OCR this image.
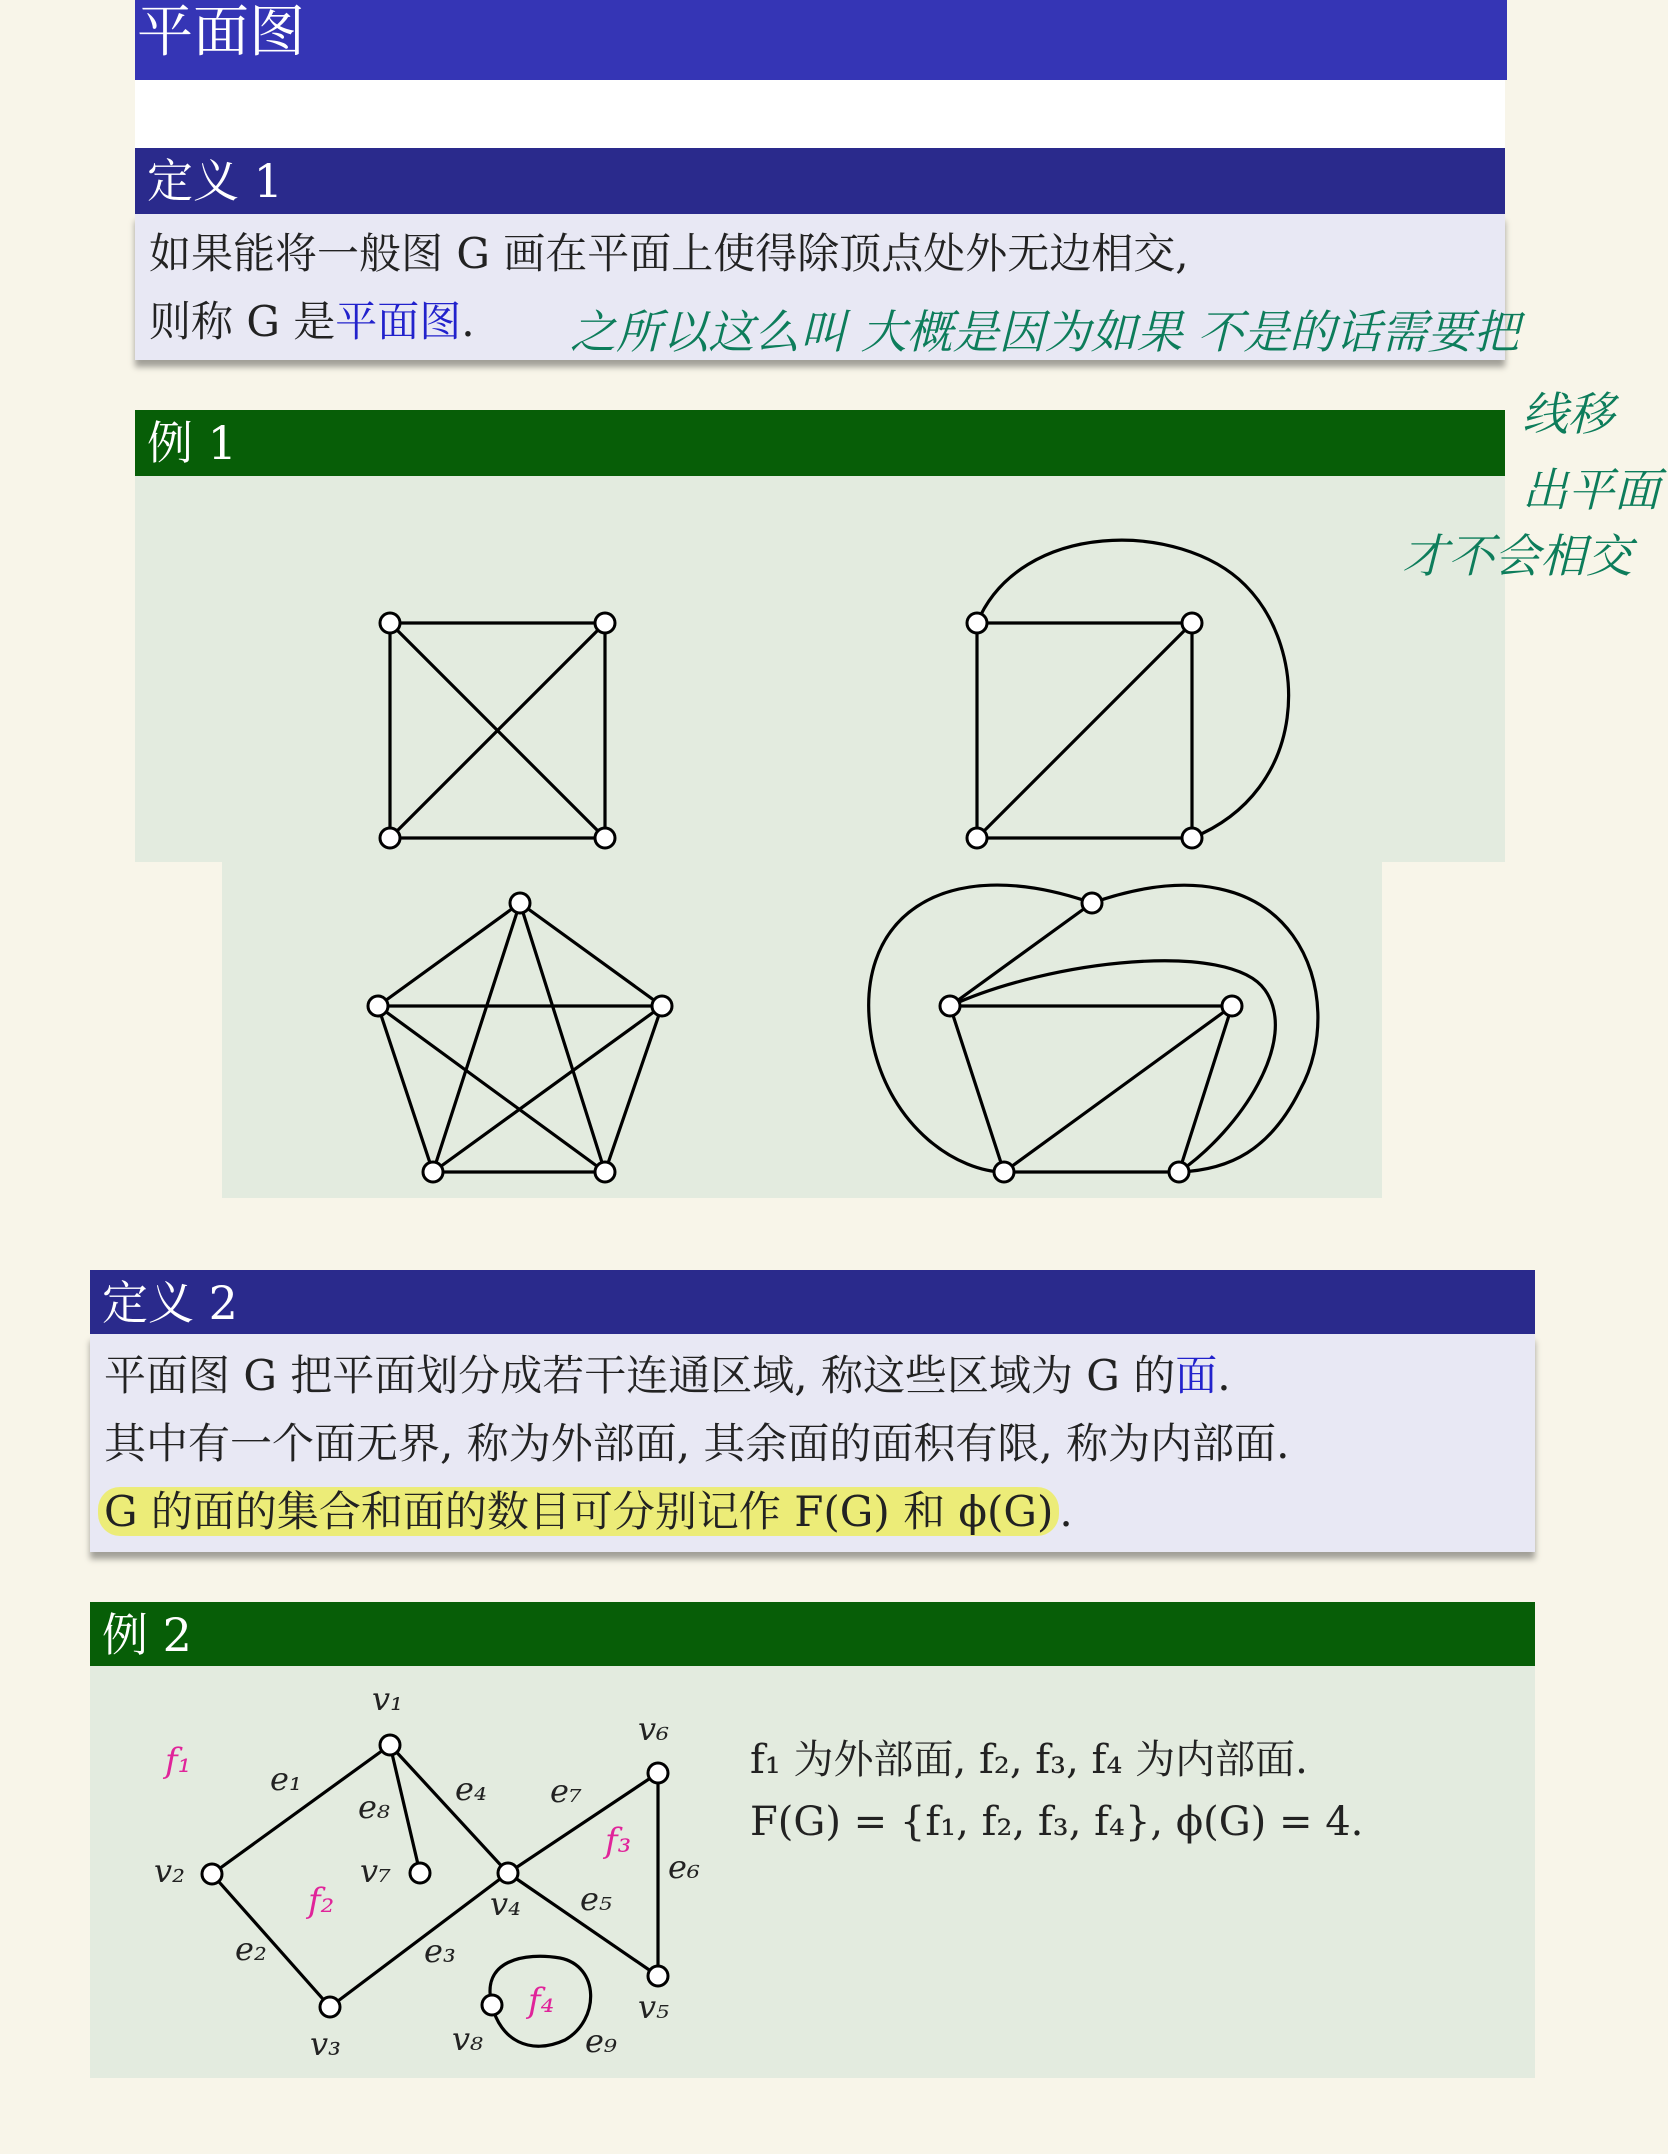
平面图
定义 1
如果能将一般图 G 画在平面上使得除顶点处外无边相交,
则称 G 是平面图.
例 1
之所以这么叫 大概是因为如果 不是的话需要把
线移
出平面
才不会相交
定义 2
平面图 G 把平面划分成若干连通区域, 称这些区域为 G 的面.
其中有一个面无界, 称为外部面, 其余面的面积有限, 称为内部面.
G 的面的集合和面的数目可分别记作 F(G) 和 ϕ(G) .
例 2
f₁ 为外部面, f₂, f₃, f₄ 为内部面.
F(G) = {f₁, f₂, f₃, f₄}, ϕ(G) = 4.
v₁
v₂
v₃
v₄
v₅
v₆
v₇
v₈
e₁
e₂	e₃
e₄
e₅
e₆
e₇
e₈
e₉
f₁
f₂
f₃
f₄
